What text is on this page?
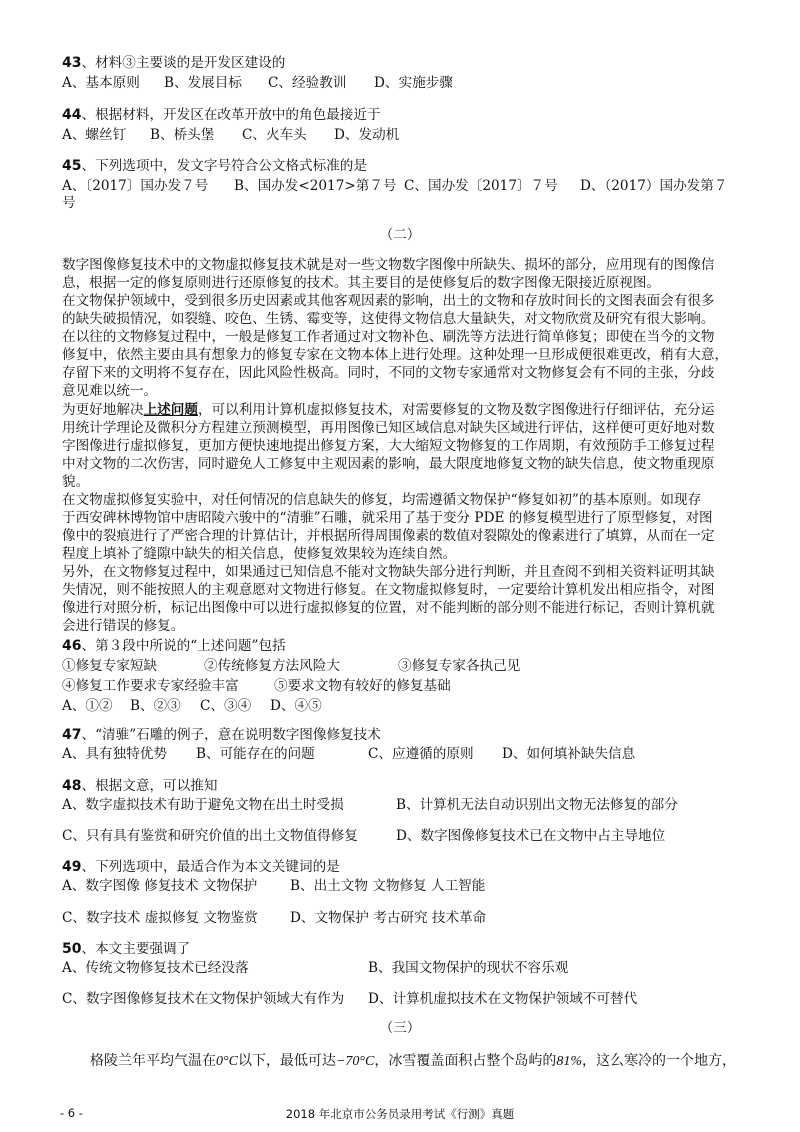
43、材料③主要谈的是开发区建设的
A、基本原则 B、发展目标 C、经验教训 D、实施步骤
44、根据材料，开发区在改革开放中的角色最接近于
A、螺丝钉 B、桥头堡 C、火车头 D、发动机
45、下列选项中，发文字号符合公文格式标准的是
A、〔2017〕国办发７号 B、国办发<2017>第７号 C、国办发〔2017〕７号 D、（2017）国办发第７
号
（二）
数字图像修复技术中的文物虚拟修复技术就是对一些文物数字图像中所缺失、损坏的部分，应用现有的图像信
息，根据一定的修复原则进行还原修复的技术。其主要目的是使修复后的数字图像无限接近原视图。
在文物保护领域中，受到很多历史因素或其他客观因素的影响，出土的文物和存放时间长的文图表面会有很多
的缺失破损情况，如裂缝、咬色、生锈、霉变等，这使得文物信息大量缺失，对文物欣赏及研究有很大影响。
在以往的文物修复过程中，一般是修复工作者通过对文物补色、刷洗等方法进行简单修复；即使在当今的文物
修复中，依然主要由具有想象力的修复专家在文物本体上进行处理。这种处理一旦形成便很难更改，稍有大意，
存留下来的文明将不复存在，因此风险性极高。同时，不同的文物专家通常对文物修复会有不同的主张，分歧
意见难以统一。
为更好地解决上述问题，可以利用计算机虚拟修复技术，对需要修复的文物及数字图像进行仔细评估，充分运
用统计学理论及微积分方程建立预测模型，再用图像已知区域信息对缺失区域进行评估，这样便可更好地对数
字图像进行虚拟修复，更加方便快速地提出修复方案，大大缩短文物修复的工作周期，有效预防手工修复过程
中对文物的二次伤害，同时避免人工修复中主观因素的影响，最大限度地修复文物的缺失信息，使文物重现原
貌。
在文物虚拟修复实验中，对任何情况的信息缺失的修复，均需遵循文物保护“修复如初”的基本原则。如现存
于西安碑林博物馆中唐昭陵六骏中的“清骓”石雕，就采用了基于变分 PDE 的修复模型进行了原型修复，对图
像中的裂痕进行了严密合理的计算估计，并根据所得周围像素的数值对裂隙处的像素进行了填算，从而在一定
程度上填补了缝隙中缺失的相关信息，使修复效果较为连续自然。
另外，在文物修复过程中，如果通过已知信息不能对文物缺失部分进行判断，并且查阅不到相关资料证明其缺
失情况，则不能按照人的主观意愿对文物进行修复。在文物虚拟修复时，一定要给计算机发出相应指令，对图
像进行对照分析，标记出图像中可以进行虚拟修复的位置，对不能判断的部分则不能进行标记，否则计算机就
会进行错误的修复。
46、第３段中所说的“上述问题”包括
①修复专家短缺	②传统修复方法风险大	③修复专家各执己见
④修复工作要求专家经验丰富	⑤要求文物有较好的修复基础
A、①② B、②③ C、③④ D、④⑤
47、“清骓”石雕的例子，意在说明数字图像修复技术
A、具有独特优势 B、可能存在的问题	C、应遵循的原则 D、如何填补缺失信息
48、根据文意，可以推知
A、数字虚拟技术有助于避免文物在出土时受损	B、计算机无法自动识别出文物无法修复的部分
C、只有具有鉴赏和研究价值的出土文物值得修复	D、数字图像修复技术已在文物中占主导地位
49、下列选项中，最适合作为本文关键词的是
A、数字图像 修复技术 文物保护 B、出土文物 文物修复 人工智能
C、数字技术 虚拟修复 文物鉴赏 D、文物保护 考古研究 技术革命
50、本文主要强调了
A、传统文物修复技术已经没落	B、我国文物保护的现状不容乐观
C、数字图像修复技术在文物保护领域大有作为 D、计算机虚拟技术在文物保护领域不可替代
（三）
格陵兰年平均气温在0°C以下，最低可达−70°C，冰雪覆盖面积占整个岛屿的81%，这么寒冷的一个地方，
- 6 -	2018 年北京市公务员录用考试《行测》真题
